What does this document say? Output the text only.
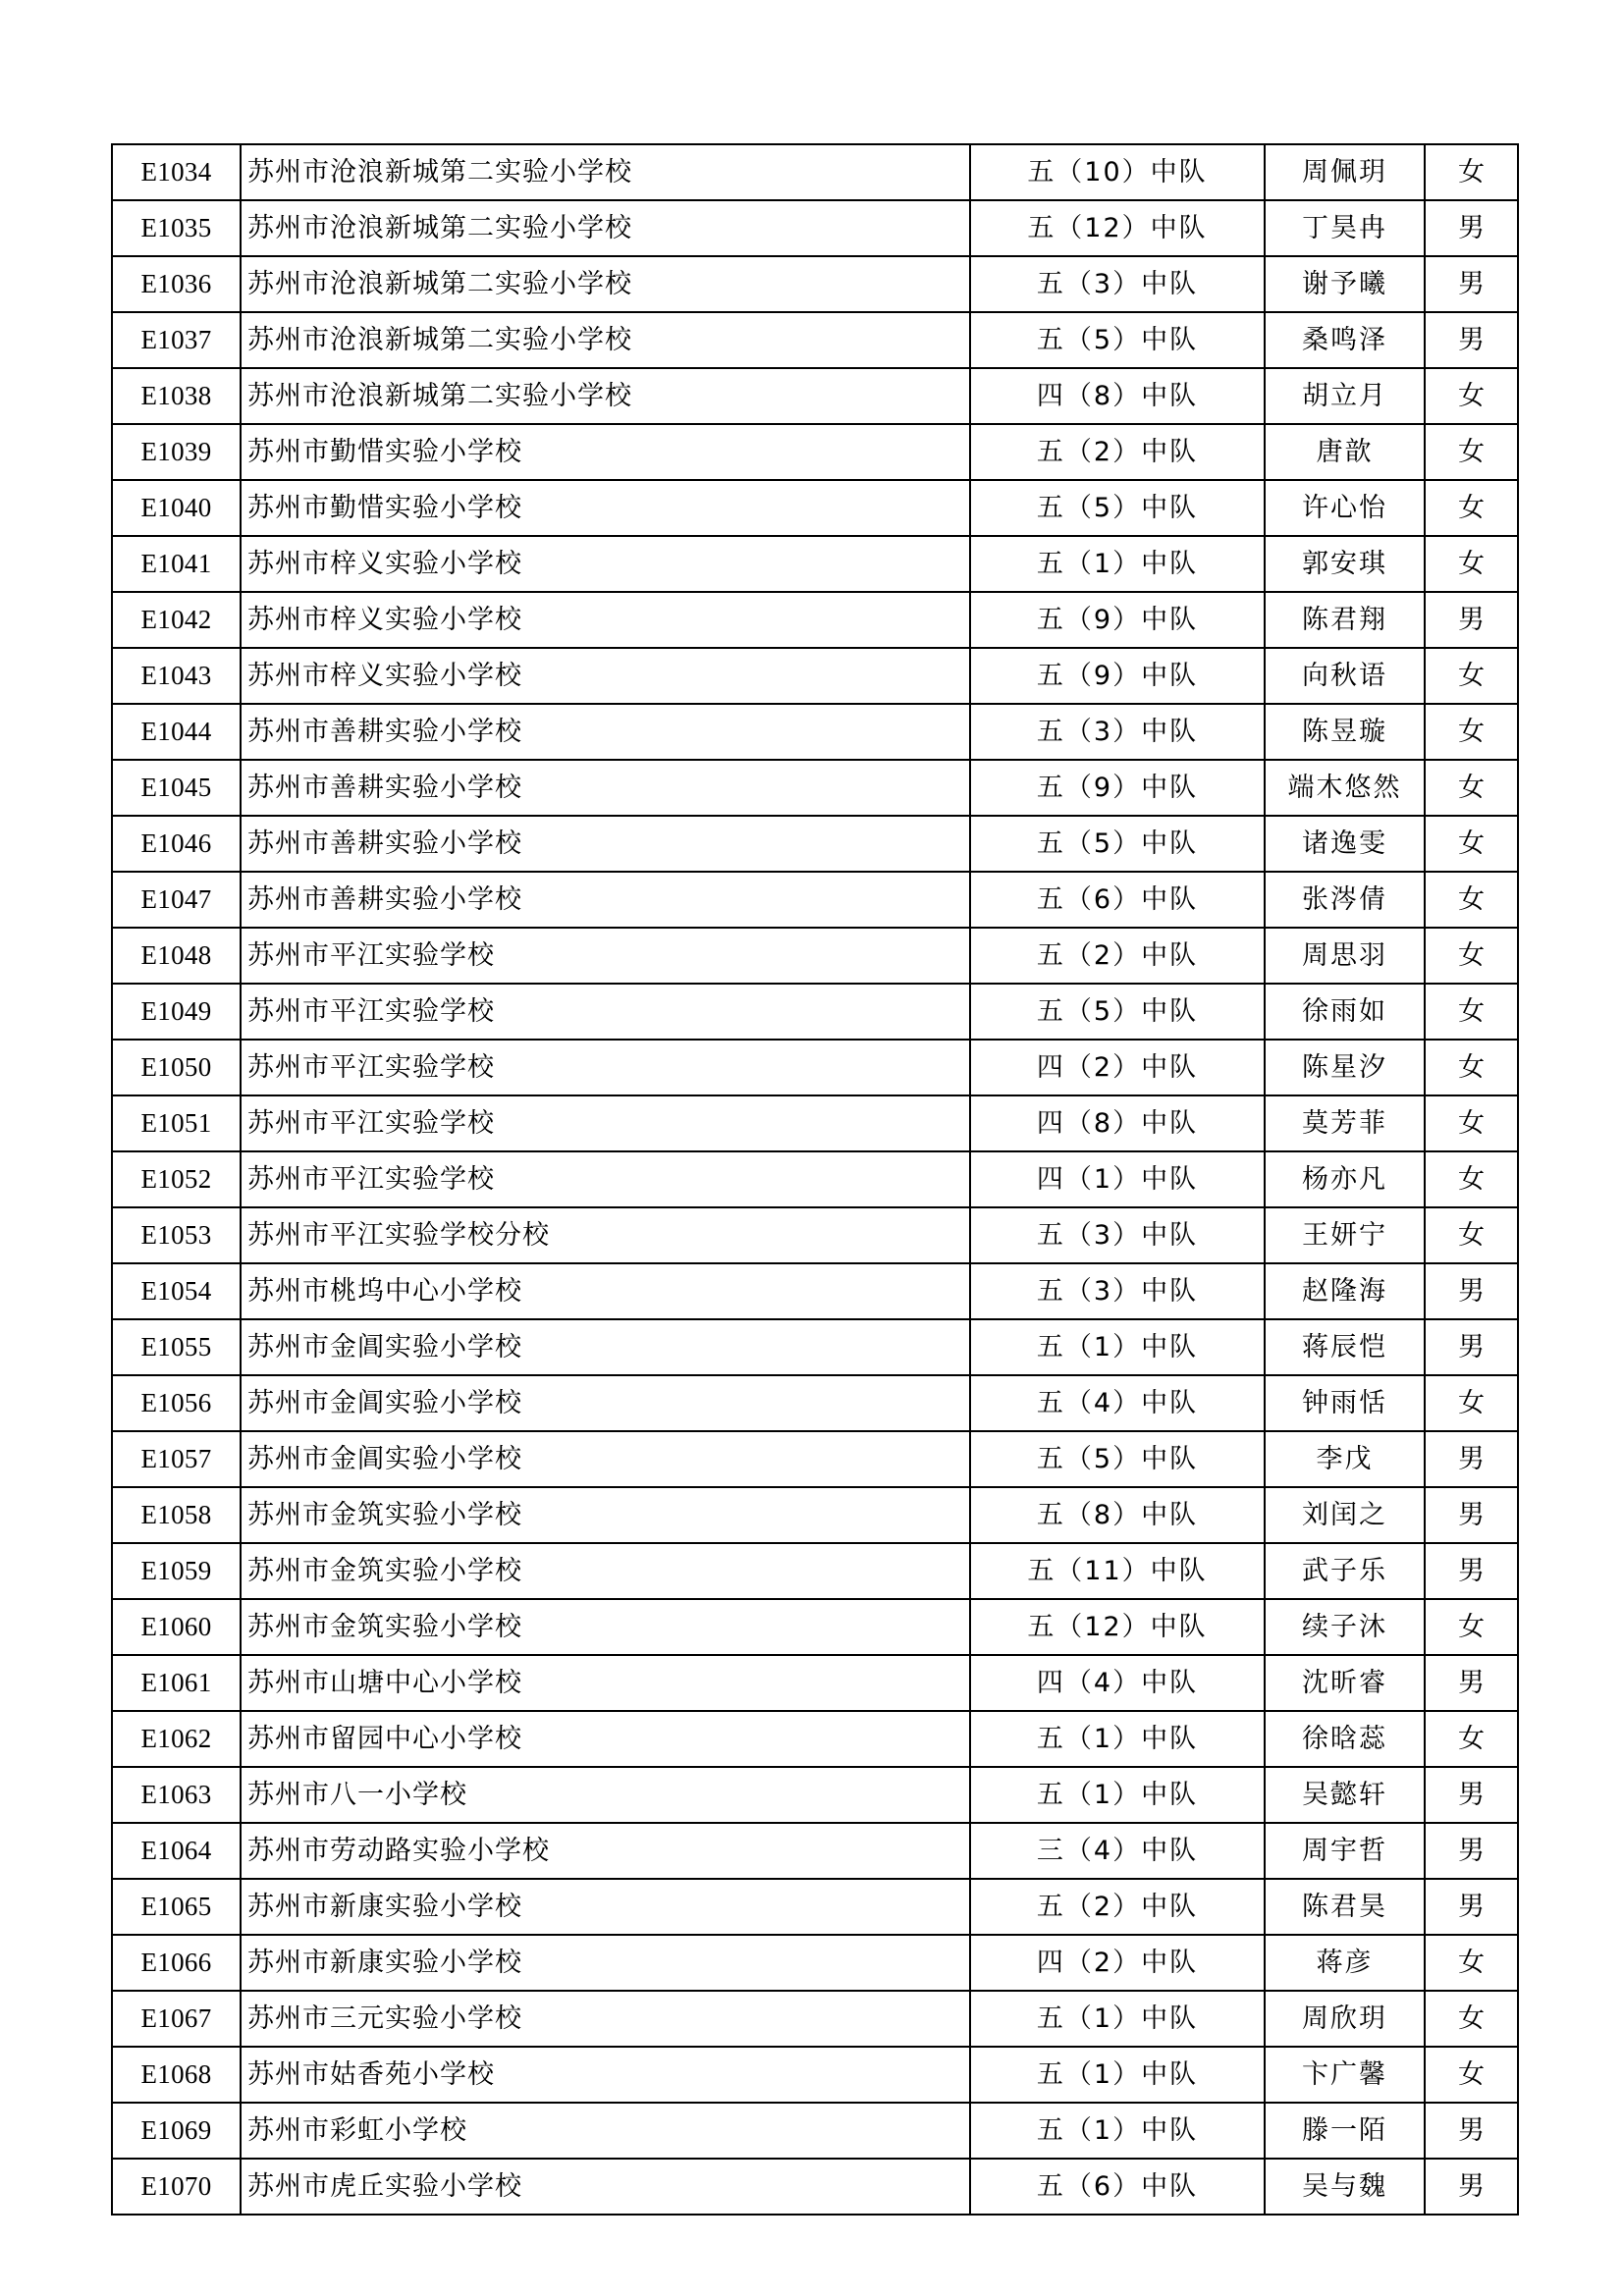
E1034	苏州市沧浪新城第二实验小学校	五（10）中队	周佩玥	女
E1035	苏州市沧浪新城第二实验小学校	五（12）中队	丁昊冉	男
E1036	苏州市沧浪新城第二实验小学校	五（3）中队	谢予曦	男
E1037	苏州市沧浪新城第二实验小学校	五（5）中队	桑鸣泽	男
E1038	苏州市沧浪新城第二实验小学校	四（8）中队	胡立月	女
E1039	苏州市勤惜实验小学校	五（2）中队	唐歆	女
E1040	苏州市勤惜实验小学校	五（5）中队	许心怡	女
E1041	苏州市梓义实验小学校	五（1）中队	郭安琪	女
E1042	苏州市梓义实验小学校	五（9）中队	陈君翔	男
E1043	苏州市梓义实验小学校	五（9）中队	向秋语	女
E1044	苏州市善耕实验小学校	五（3）中队	陈昱璇	女
E1045	苏州市善耕实验小学校	五（9）中队	端木悠然	女
E1046	苏州市善耕实验小学校	五（5）中队	诸逸雯	女
E1047	苏州市善耕实验小学校	五（6）中队	张涔倩	女
E1048	苏州市平江实验学校	五（2）中队	周思羽	女
E1049	苏州市平江实验学校	五（5）中队	徐雨如	女
E1050	苏州市平江实验学校	四（2）中队	陈星汐	女
E1051	苏州市平江实验学校	四（8）中队	莫芳菲	女
E1052	苏州市平江实验学校	四（1）中队	杨亦凡	女
E1053	苏州市平江实验学校分校	五（3）中队	王妍宁	女
E1054	苏州市桃坞中心小学校	五（3）中队	赵隆海	男
E1055	苏州市金阊实验小学校	五（1）中队	蒋辰恺	男
E1056	苏州市金阊实验小学校	五（4）中队	钟雨恬	女
E1057	苏州市金阊实验小学校	五（5）中队	李戊	男
E1058	苏州市金筑实验小学校	五（8）中队	刘闰之	男
E1059	苏州市金筑实验小学校	五（11）中队	武子乐	男
E1060	苏州市金筑实验小学校	五（12）中队	续子沐	女
E1061	苏州市山塘中心小学校	四（4）中队	沈昕睿	男
E1062	苏州市留园中心小学校	五（1）中队	徐晗蕊	女
E1063	苏州市八一小学校	五（1）中队	吴懿轩	男
E1064	苏州市劳动路实验小学校	三（4）中队	周宇哲	男
E1065	苏州市新康实验小学校	五（2）中队	陈君昊	男
E1066	苏州市新康实验小学校	四（2）中队	蒋彦	女
E1067	苏州市三元实验小学校	五（1）中队	周欣玥	女
E1068	苏州市姑香苑小学校	五（1）中队	卞广馨	女
E1069	苏州市彩虹小学校	五（1）中队	滕一陌	男
E1070	苏州市虎丘实验小学校	五（6）中队	吴与魏	男
